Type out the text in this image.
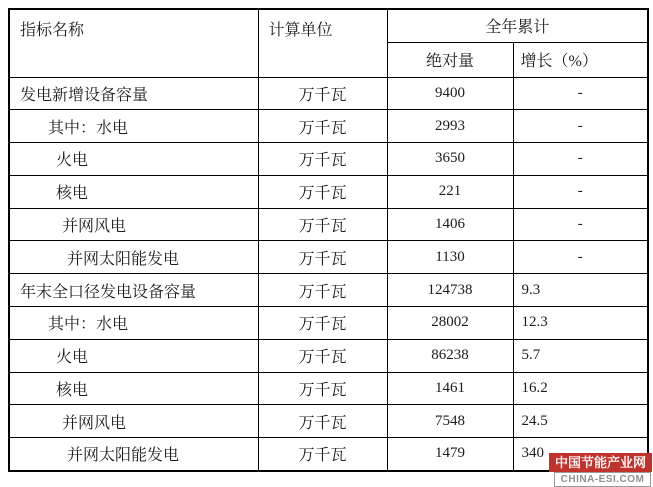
指标名称	计算单位	全年累计	
		绝对量	增长（%）
发电新增设备容量	万千瓦	9400	-
其中：水电	万千瓦	2993	-
火电	万千瓦	3650	-
核电	万千瓦	221	-
并网风电	万千瓦	1406	-
并网太阳能发电	万千瓦	1130	-
年末全口径发电设备容量	万千瓦	124738	9.3
其中：水电	万千瓦	28002	12.3
火电	万千瓦	86238	5.7
核电	万千瓦	1461	16.2
并网风电	万千瓦	7548	24.5
并网太阳能发电	万千瓦	1479	340
中国节能产业网
CHINA-ESI.COM
